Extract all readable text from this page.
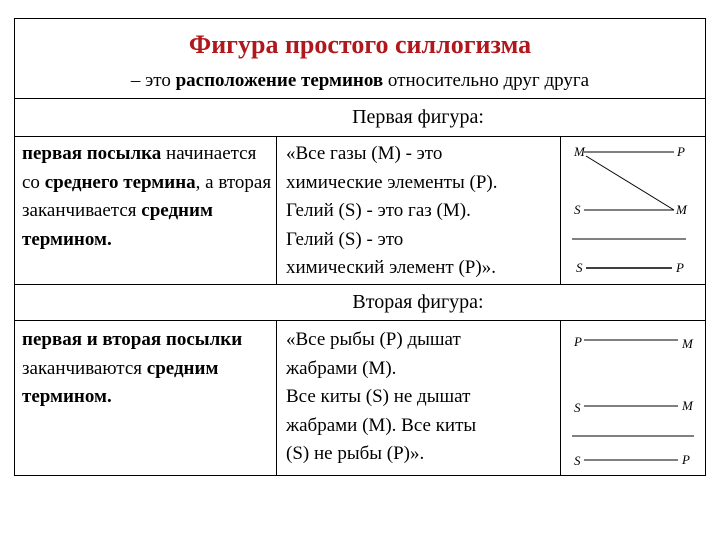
Фигура простого силлогизма
– это расположение терминов относительно друг друга
Первая фигура:
первая посылка начинается со среднего термина, а вторая заканчивается средним термином.
«Все газы (М) - это
химические элементы (Р).
Гелий (S) - это газ (М).
Гелий (S) - это
химический элемент (Р)».
M	P
S	M
S	P
Вторая фигура:
первая и вторая посылки заканчиваются средним термином.
«Все рыбы (Р) дышат
жабрами (М).
Все киты (S) не дышат
жабрами (М). Все киты
(S) не рыбы (Р)».
P	M
S	M
S	P
